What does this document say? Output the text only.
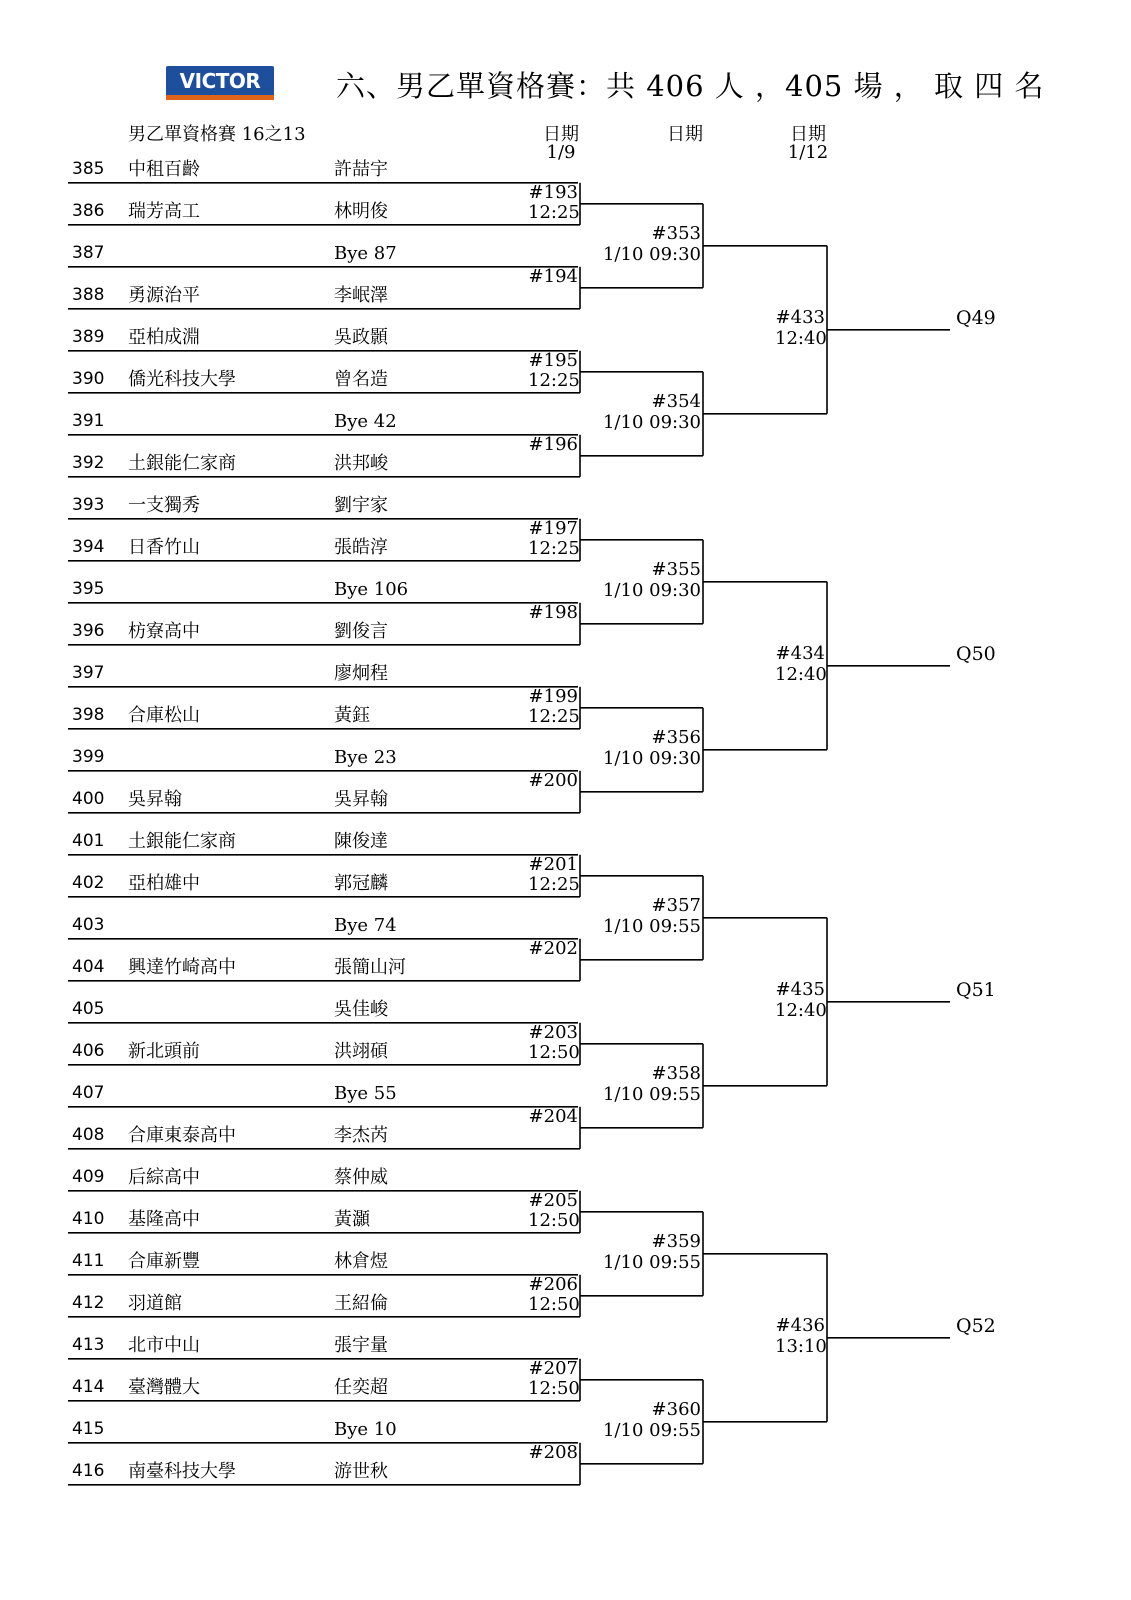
VICTOR	六、男乙單資格賽：共 406 人 ，405 場 ， 取 四 名
男乙單資格賽 16之13	日期
1/9
日期	日期
1/12
385 中租百齡	許喆宇
386 瑞芳高工	林明俊
387	Bye 87
388 勇源治平	李岷澤
389 亞柏成淵	吳政顥
390 僑光科技大學	曾名造
391	Bye 42
392 土銀能仁家商	洪邦峻
393 一支獨秀	劉宇家
394 日香竹山	張皓淳
395	Bye 106
396 枋寮高中	劉俊言
397	廖炯程
398 合庫松山	黃鈺
399	Bye 23
400 吳昇翰	吳昇翰
401 土銀能仁家商	陳俊達
402 亞柏雄中	郭冠麟
403	Bye 74
404 興達竹崎高中	張簡山河
405	吳佳峻
406 新北頭前	洪翊碩
407	Bye 55
408 合庫東泰高中	李杰芮
409 后綜高中	蔡仲威
410 基隆高中	黃灝
411 合庫新豐	林倉煜
412 羽道館	王紹倫
413 北市中山	張宇量
414 臺灣體大	任奕超
415	Bye 10
416 南臺科技大學	游世秋
#193
12:25
#194
#195
12:25
#196
#197
12:25
#198
#199
12:25
#200
#201
12:25
#202
#203
12:50
#204
#205
12:50
#206
12:50
#207
12:50
#208
#353
1/10 09:30
#354
1/10 09:30
#355
1/10 09:30
#356
1/10 09:30
#357
1/10 09:55
#358
1/10 09:55
#359
1/10 09:55
#360
1/10 09:55
#433
12:40
Q49
#434
12:40
Q50
#435
12:40
Q51
#436
13:10
Q52
